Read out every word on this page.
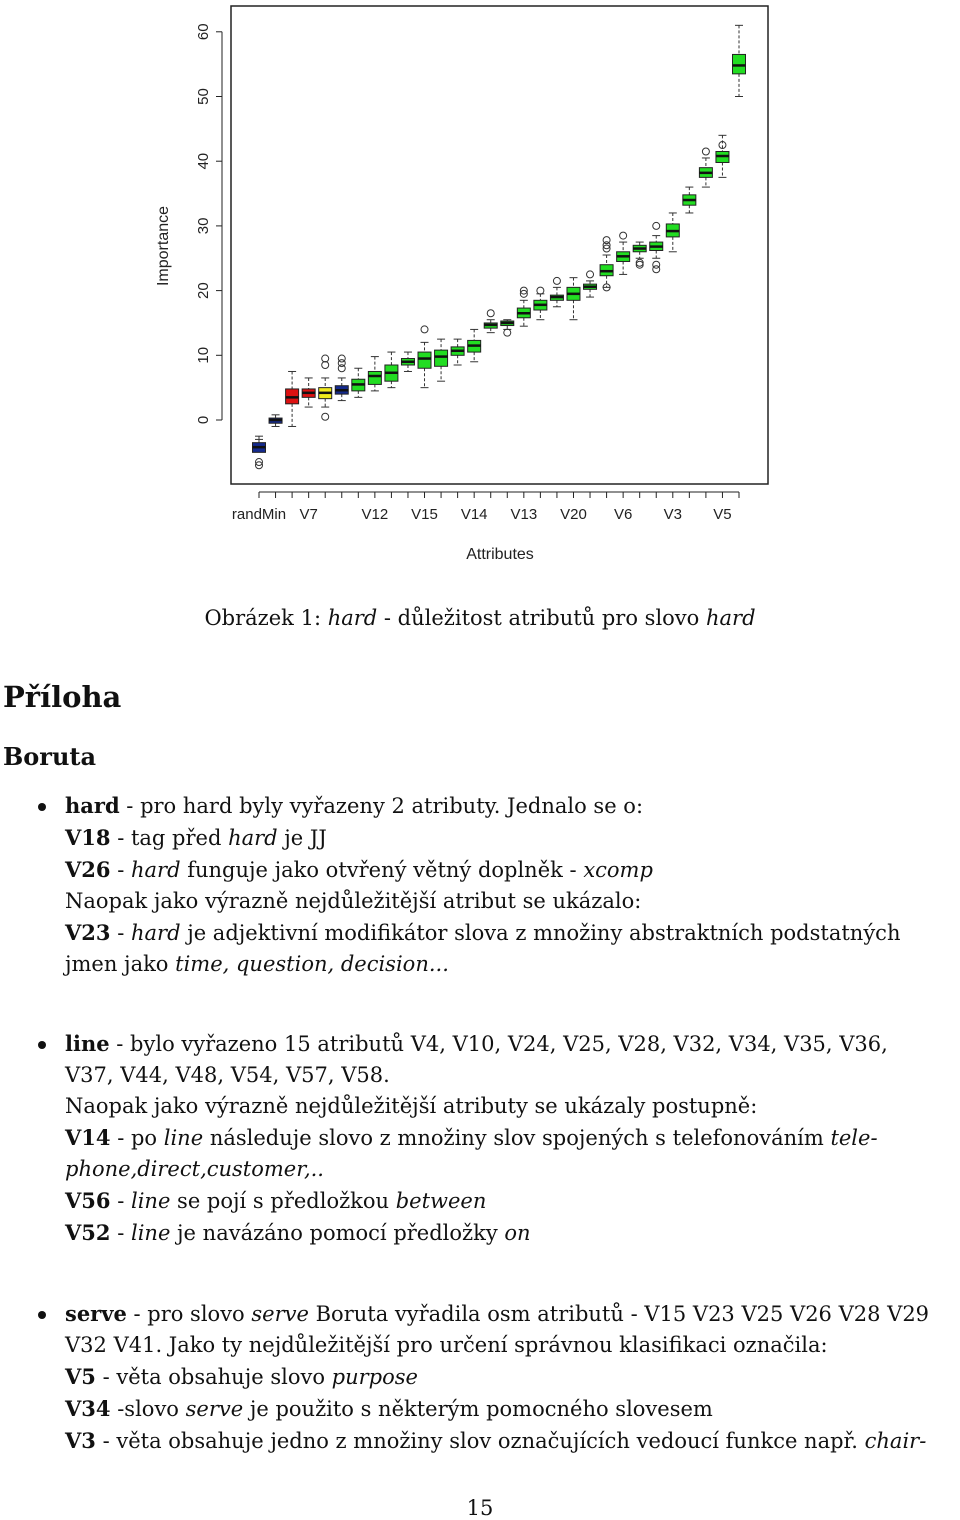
0
10
20
30
40
50
60
randMin V7	V12 V15 V14 V13 V20 V6 V3 V5
Importance
Attributes
Obrázek 1: hard - důležitost atributů pro slovo hard
Příloha
Boruta
hard - pro hard byly vyřazeny 2 atributy. Jednalo se o:
V18 - tag před hard je JJ
V26 - hard funguje jako otvřený větný doplněk - xcomp
Naopak jako výrazně nejdůležitější atribut se ukázalo:
V23 - hard je adjektivní modifikátor slova z množiny abstraktních podstatných
jmen jako time, question, decision...
line - bylo vyřazeno 15 atributů V4, V10, V24, V25, V28, V32, V34, V35, V36,
V37, V44, V48, V54, V57, V58.
Naopak jako výrazně nejdůležitější atributy se ukázaly postupně:
V14 - po line následuje slovo z množiny slov spojených s telefonováním tele-
phone,direct,customer,..
V56 - line se pojí s předložkou between
V52 - line je navázáno pomocí předložky on
serve - pro slovo serve Boruta vyřadila osm atributů - V15 V23 V25 V26 V28 V29
V32 V41. Jako ty nejdůležitější pro určení správnou klasifikaci označila:
V5 - věta obsahuje slovo purpose
V34 -slovo serve je použito s některým pomocného slovesem
V3 - věta obsahuje jedno z množiny slov označujících vedoucí funkce např. chair-
15
